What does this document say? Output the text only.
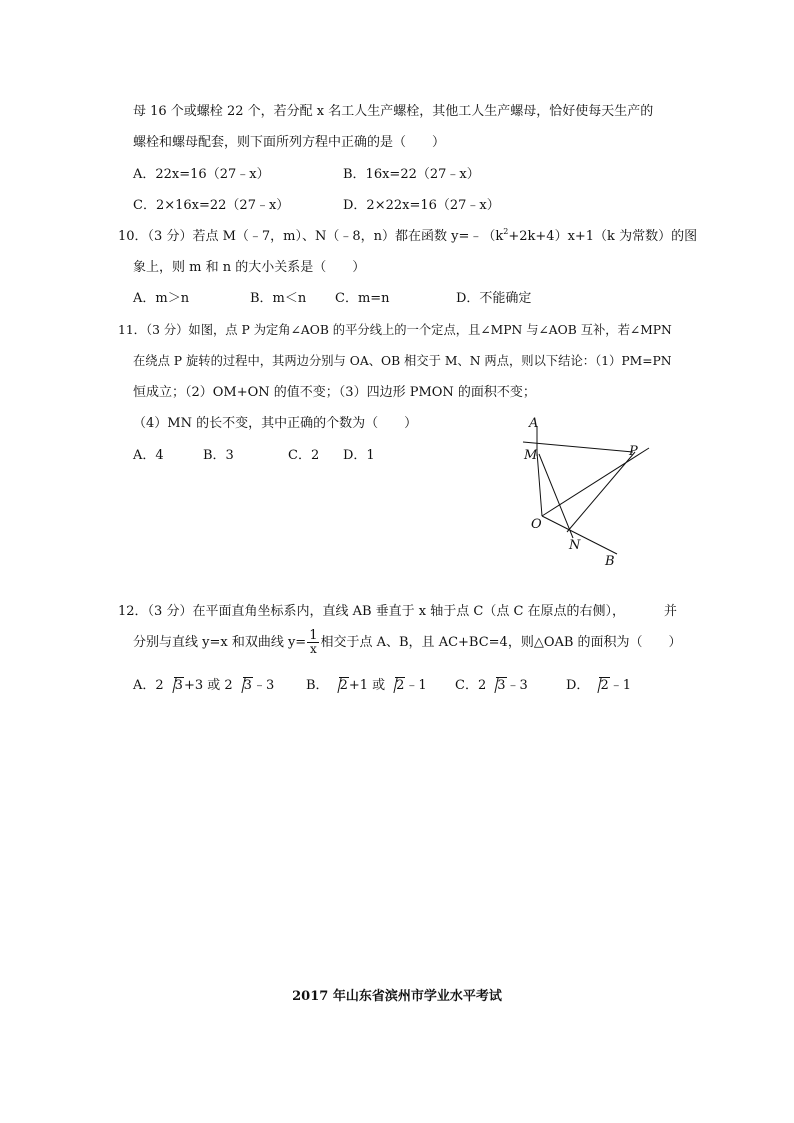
母 16 个或螺栓 22 个，若分配 x 名工人生产螺栓，其他工人生产螺母，恰好使每天生产的
螺栓和螺母配套，则下面所列方程中正确的是（　　）
A．22x=16（27﹣x）	B．16x=22（27﹣x）
C．2×16x=22（27﹣x）	D．2×22x=16（27﹣x）
10．（3 分）若点 M（﹣7，m）、N（﹣8，n）都在函数 $y=﹣(k^2+2k+4)x+1(k$ 为常数）的图
象上，则 m 和 n 的大小关系是（　　）
A．m＞n	B．m＜n C．m=n	D．不能确定
11．（3 分）如图，点 P 为定角∠AOB 的平分线上的一个定点，且∠MPN 与∠AOB 互补，若∠MPN
在绕点 P 旋转的过程中，其两边分别与 OA、OB 相交于 M、N 两点，则以下结论：（1）PM=PN
恒成立；（2）OM+ON 的值不变；（3）四边形 PMON 的面积不变；
（4）MN 的长不变，其中正确的个数为（　　）
A．4	B．3	C．2 D．1
A
M	P
O
N
B
12．（3 分）在平面直角坐标系内，直线 AB 垂直于 x 轴于点 C（点 C 在原点的右侧），	并
分别与直线 y=x 和双曲线 $y= \frac{1}{x}$ 相交于点 A、B，且 AC+BC=4，则△OAB 的面积为（　　）
A．2 3+3 或 2 3﹣3 B． 2+1 或 2﹣1 C．2 3﹣3	D． 2﹣1
2017 年山东省滨州市学业水平考试
